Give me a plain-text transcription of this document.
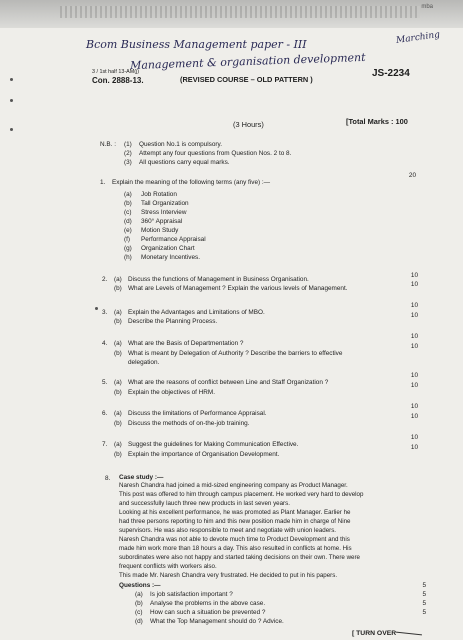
mba
Bcom Business Management paper - III	Marching
Management & organisation development
3 / 1st half 13-AM(j)
Con. 2888-13.	(REVISED COURSE – OLD PATTERN )
JS-2234
(3 Hours)	[Total Marks : 100
N.B. : (1) Question No.1 is compulsory.
(2) Attempt any four questions from Question Nos. 2 to 8.
(3) All questions carry equal marks.
1. Explain the meaning of the following terms (any five) :—
20
(a) Job Rotation
(b) Tall Organization
(c) Stress Interview
(d) 360° Appraisal
(e) Motion Study
(f) Performance Appraisal
(g) Organization Chart
(h) Monetary Incentives.
2. (a) Discuss the functions of Management in Business Organisation.
10
(b) What are Levels of Management ? Explain the various levels of Management.
10
3. (a) Explain the Advantages and Limitations of MBO.
10
(b) Describe the Planning Process.
10
4. (a) What are the Basis of Departmentation ?
10
(b) What is meant by Delegation of Authority ? Describe the barriers to effective
delegation.
10
5. (a) What are the reasons of conflict between Line and Staff Organization ?
10
(b) Explain the objectives of HRM.
10
6. (a) Discuss the limitations of Performance Appraisal.
10
(b) Discuss the methods of on-the-job training.
10
7. (a) Suggest the guidelines for Making Communication Effective.
10
(b) Explain the importance of Organisation Development.
10
8. Case study :—
Naresh Chandra had joined a mid-sized engineering company as Product Manager.
This post was offered to him through campus placement. He worked very hard to develop
and successfully lauch three new products in last seven years.
Looking at his excellent performance, he was promoted as Plant Manager. Earlier he
had three persons reporting to him and this new position made him in charge of Nine
supervisors. He was also responsible to meet and negotiate with union leaders.
Naresh Chandra was not able to devote much time to Product Development and this
made him work more than 18 hours a day. This also resulted in conflicts at home. His
subordinates were also not happy and started taking decisions on their own. There were
frequent conflicts with workers also.
This made Mr. Naresh Chandra very frustrated. He decided to put in his papers.
Questions :—
(a) Is job satisfaction important ?
5
(b) Analyse the problems in the above case.
5
(c) How can such a situation be prevented ?
5
(d) What the Top Management should do ? Advice.
5
[ TURN OVER
